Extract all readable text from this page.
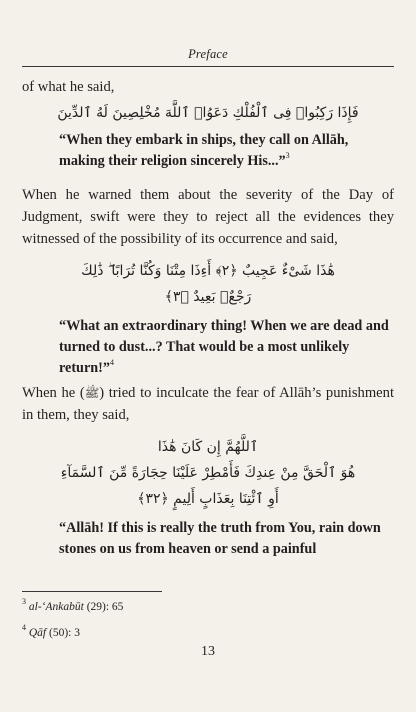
Preface
of what he said,
فَإِذَا رَكِبُوا۟ فِى ٱلْفُلْكِ دَعَوُا۟ ٱللَّهَ مُخْلِصِينَ لَهُ ٱلدِّينَ
“When they embark in ships, they call on Allāh, making their religion sincerely His...”$^3$
When he warned them about the severity of the Day of Judgment, swift were they to reject all the evidences they witnessed of the possibility of its occurrence and said,
هَٰذَا شَىْءٌ عَجِيبٌ ﴿٢﴾ أَءِذَا مِتْنَا وَكُنَّا تُرَابًا ۖ ذَٰلِكَ
رَجْعٌۢ بَعِيدٌ ﴿٣﴾
“What an extraordinary thing! When we are dead and turned to dust...? That would be a most unlikely return!”$^4$
When he (ﷺ) tried to inculcate the fear of Allāh’s punishment in them, they said,
ٱللَّهُمَّ إِن كَانَ هَٰذَا
هُوَ ٱلْحَقَّ مِنْ عِندِكَ فَأَمْطِرْ عَلَيْنَا حِجَارَةً مِّنَ ٱلسَّمَآءِ
أَوِ ٱئْتِنَا بِعَذَابٍ أَلِيمٍ ﴿٣٢﴾
“Allāh! If this is really the truth from You, rain down stones on us from heaven or send a painful
$^3$ al-‘Ankabūt (29): 65
$^4$ Qāf (50): 3
13
